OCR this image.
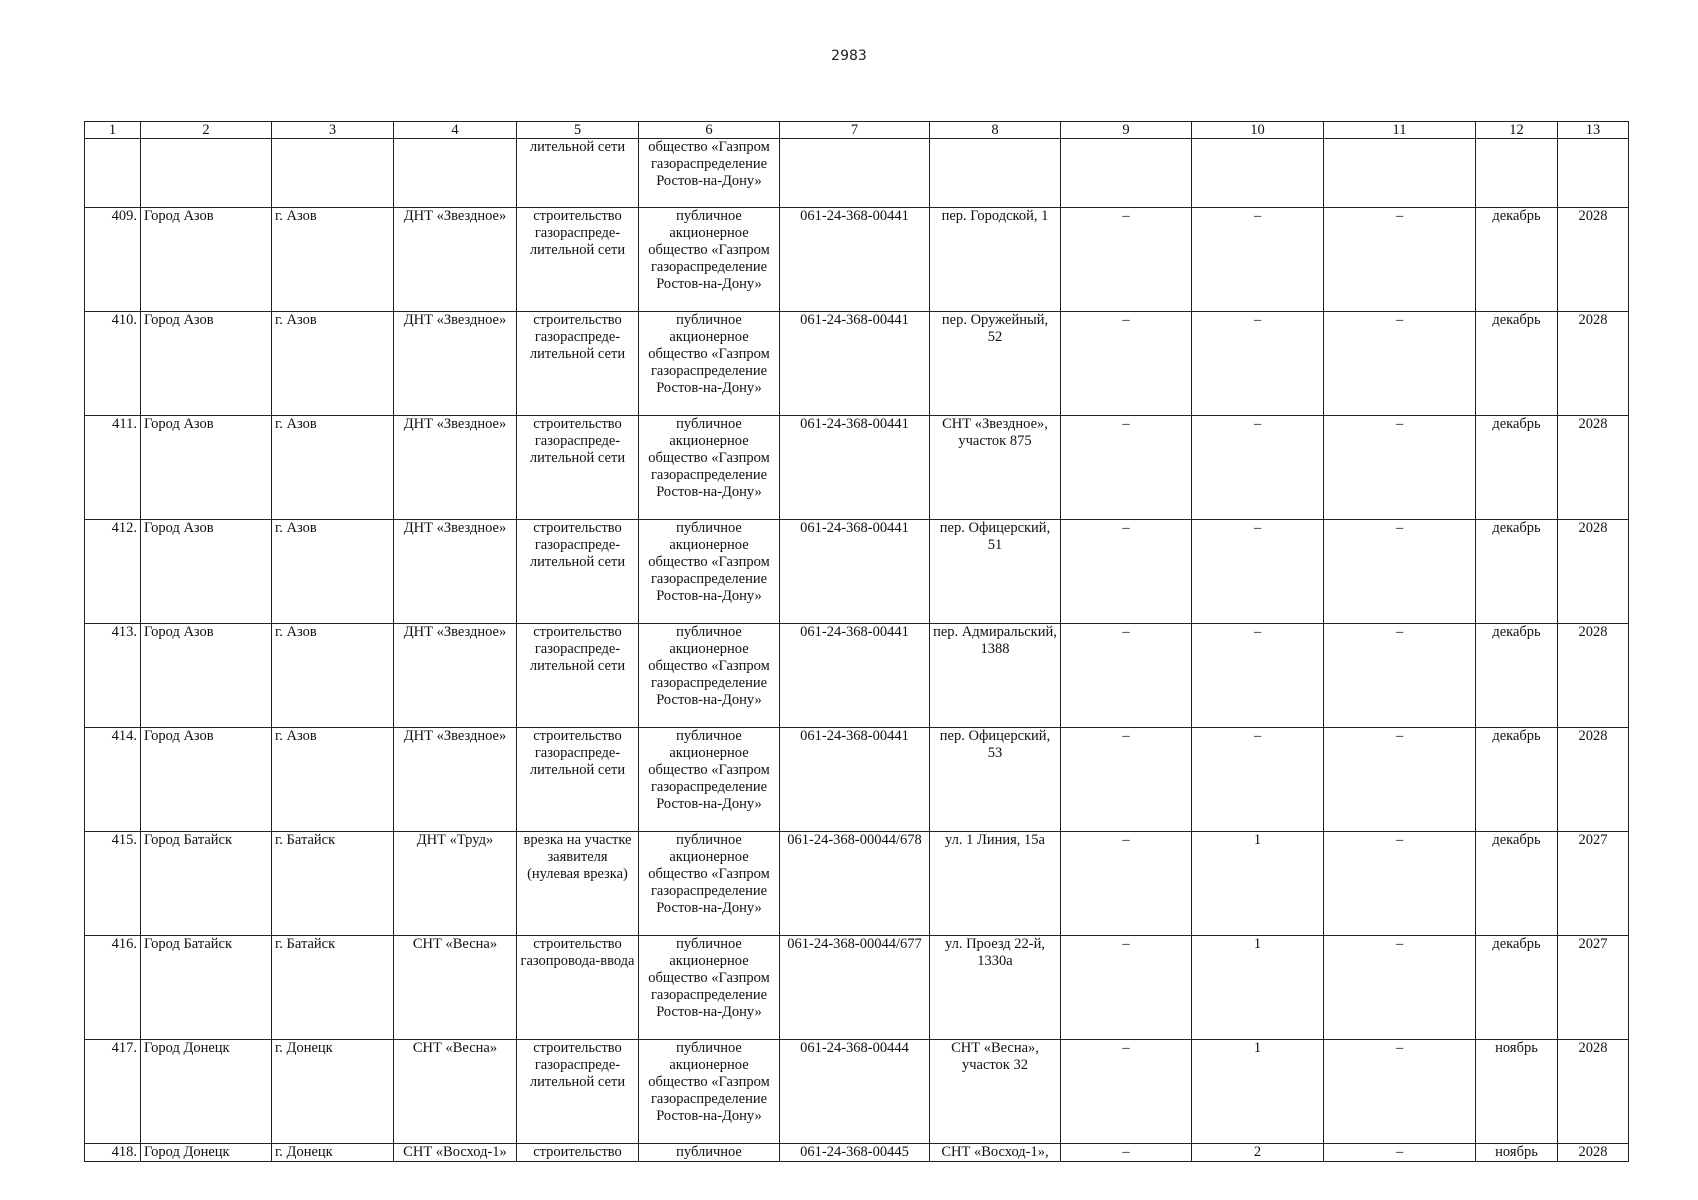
2983
1	2	3	4	5	6	7	8	9	10	11	12	13
				лительной сети	общество «Газпром газораспределение Ростов-на-Дону»							
409.	Город Азов	г. Азов	ДНТ «Звездное»	строительство газораспреде-лительной сети	публичное акционерное общество «Газпром газораспределение Ростов-на-Дону»	061-24-368-00441	пер. Городской, 1	–	–	–	декабрь	2028
410.	Город Азов	г. Азов	ДНТ «Звездное»	строительство газораспреде-лительной сети	публичное акционерное общество «Газпром газораспределение Ростов-на-Дону»	061-24-368-00441	пер. Оружейный, 52	–	–	–	декабрь	2028
411.	Город Азов	г. Азов	ДНТ «Звездное»	строительство газораспреде-лительной сети	публичное акционерное общество «Газпром газораспределение Ростов-на-Дону»	061-24-368-00441	СНТ «Звездное», участок 875	–	–	–	декабрь	2028
412.	Город Азов	г. Азов	ДНТ «Звездное»	строительство газораспреде-лительной сети	публичное акционерное общество «Газпром газораспределение Ростов-на-Дону»	061-24-368-00441	пер. Офицерский, 51	–	–	–	декабрь	2028
413.	Город Азов	г. Азов	ДНТ «Звездное»	строительство газораспреде-лительной сети	публичное акционерное общество «Газпром газораспределение Ростов-на-Дону»	061-24-368-00441	пер. Адмиральский, 1388	–	–	–	декабрь	2028
414.	Город Азов	г. Азов	ДНТ «Звездное»	строительство газораспреде-лительной сети	публичное акционерное общество «Газпром газораспределение Ростов-на-Дону»	061-24-368-00441	пер. Офицерский, 53	–	–	–	декабрь	2028
415.	Город Батайск	г. Батайск	ДНТ «Труд»	врезка на участке заявителя (нулевая врезка)	публичное акционерное общество «Газпром газораспределение Ростов-на-Дону»	061-24-368-00044/678	ул. 1 Линия, 15а	–	1	–	декабрь	2027
416.	Город Батайск	г. Батайск	СНТ «Весна»	строительство газопровода-ввода	публичное акционерное общество «Газпром газораспределение Ростов-на-Дону»	061-24-368-00044/677	ул. Проезд 22-й, 1330а	–	1	–	декабрь	2027
417.	Город Донецк	г. Донецк	СНТ «Весна»	строительство газораспреде-лительной сети	публичное акционерное общество «Газпром газораспределение Ростов-на-Дону»	061-24-368-00444	СНТ «Весна», участок 32	–	1	–	ноябрь	2028
418.	Город Донецк	г. Донецк	СНТ «Восход-1»	строительство	публичное	061-24-368-00445	СНТ «Восход-1»,	–	2	–	ноябрь	2028
